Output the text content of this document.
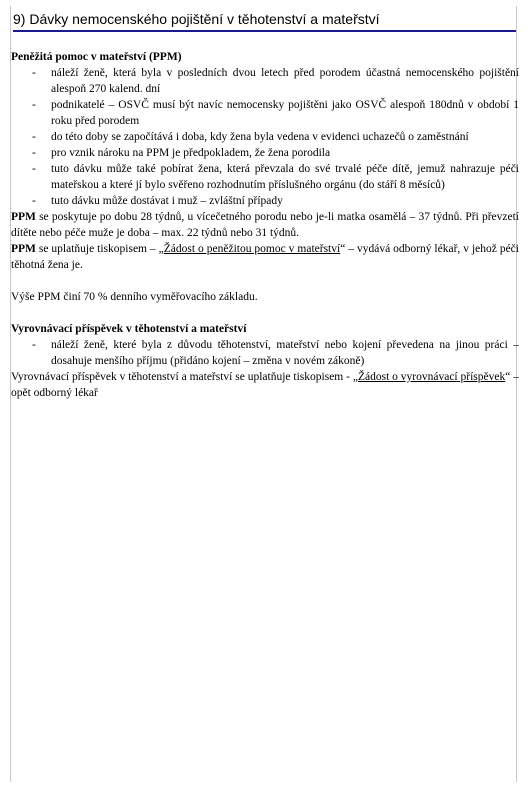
9) Dávky nemocenského pojištění v těhotenství a mateřství
Peněžitá pomoc v mateřství (PPM)
- náleží ženě, která byla v posledních dvou letech před porodem účastná nemocenského pojištění alespoň 270 kalend. dní
- podnikatelé – OSVČ musí být navíc nemocensky pojištěni jako OSVČ alespoň 180dnů v období 1 roku před porodem
- do této doby se započítává i doba, kdy žena byla vedena v evidenci uchazečů o zaměstnání
- pro vznik nároku na PPM je předpokladem, že žena porodila
- tuto dávku může také pobírat žena, která převzala do své trvalé péče dítě, jemuž nahrazuje péči mateřskou a které jí bylo svěřeno rozhodnutím příslušného orgánu (do stáří 8 měsíců)
- tuto dávku může dostávat i muž – zvláštní případy

PPM se poskytuje po dobu 28 týdnů, u vícečetného porodu nebo je-li matka osamělá – 37 týdnů. Při převzetí dítěte nebo péče muže je doba – max. 22 týdnů nebo 31 týdnů.

PPM se uplatňuje tiskopisem – „Žádost o peněžitou pomoc v mateřství“ – vydává odborný lékař, v jehož péči těhotná žena je.

Výše PPM činí 70 % denního vyměřovacího základu.

Vyrovnávací příspěvek v těhotenství a mateřství
- náleží ženě, které byla z důvodu těhotenství, mateřství nebo kojení převedena na jinou práci – dosahuje menšího příjmu (přidáno kojení – změna v novém zákoně)

Vyrovnávací příspěvek v těhotenství a mateřství se uplatňuje tiskopisem - „Žádost o vyrovnávací příspěvek“ – opět odborný lékař
